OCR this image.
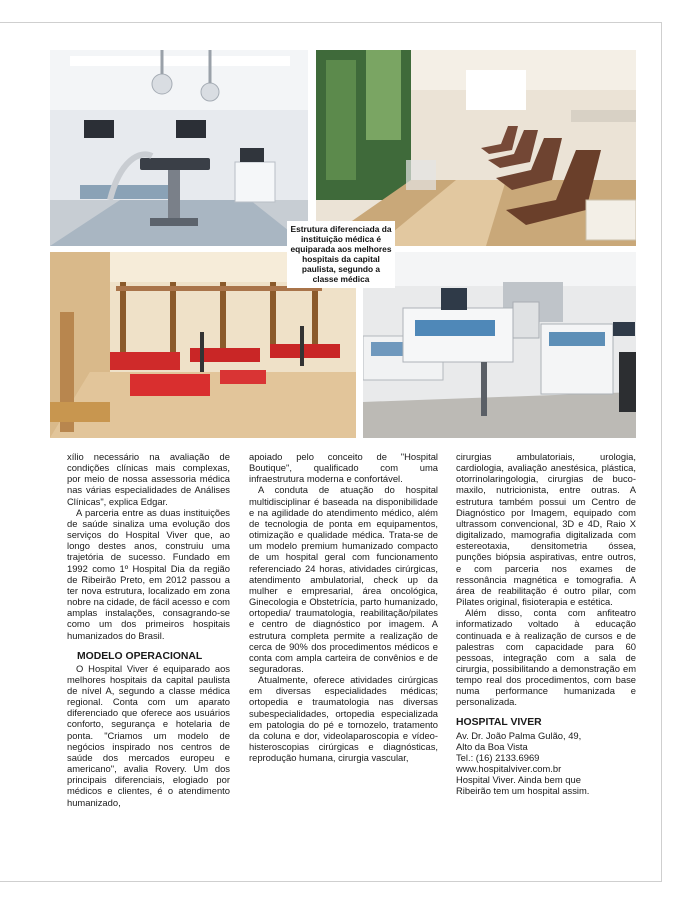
Estrutura diferenciada da instituição médica é equiparada aos melhores hospitais da capital paulista, segundo a classe médica

xílio necessário na avaliação de condições clínicas mais complexas, por meio de nossa assessoria médica nas várias especialidades de Análises Clínicas", explica Edgar.

A parceria entre as duas instituições de saúde sinaliza uma evolução dos serviços do Hospital Viver que, ao longo destes anos, construiu uma trajetória de sucesso. Fundado em 1992 como 1º Hospital Dia da região de Ribeirão Preto, em 2012 passou a ter nova estrutura, localizado em zona nobre na cidade, de fácil acesso e com amplas instalações, consagrando-se como um dos primeiros hospitais humanizados do Brasil.

MODELO OPERACIONAL

O Hospital Viver é equiparado aos melhores hospitais da capital paulista de nível A, segundo a classe médica regional. Conta com um aparato diferenciado que oferece aos usuários conforto, segurança e hotelaria de ponta. "Criamos um modelo de negócios inspirado nos centros de saúde dos mercados europeu e americano", avalia Rovery. Um dos principais diferenciais, elogiado por médicos e clientes, é o atendimento humanizado,

apoiado pelo conceito de "Hospital Boutique", qualificado com uma infraestrutura moderna e confortável.

A conduta de atuação do hospital multidisciplinar é baseada na disponibilidade e na agilidade do atendimento médico, além de tecnologia de ponta em equipamentos, otimização e qualidade médica. Trata-se de um modelo premium humanizado compacto de um hospital geral com funcionamento referenciado 24 horas, atividades cirúrgicas, atendimento ambulatorial, check up da mulher e empresarial, área oncológica, Ginecologia e Obstetrícia, parto humanizado, ortopedia/ traumatologia, reabilitação/pilates e centro de diagnóstico por imagem. A estrutura completa permite a realização de cerca de 90% dos procedimentos médicos e conta com ampla carteira de convênios e de seguradoras.

Atualmente, oferece atividades cirúrgicas em diversas especialidades médicas; ortopedia e traumatologia nas diversas subespecialidades, ortopedia especializada em patologia do pé e tornozelo, tratamento da coluna e dor, videolaparoscopia e vídeo-histeroscopias cirúrgicas e diagnósticas, reprodução humana, cirurgia vascular,

cirurgias ambulatoriais, urologia, cardiologia, avaliação anestésica, plástica, otorrinolaringologia, cirurgias de buco-maxilo, nutricionista, entre outras. A estrutura também possui um Centro de Diagnóstico por Imagem, equipado com ultrassom convencional, 3D e 4D, Raio X digitalizado, mamografia digitalizada com estereotaxia, densitometria óssea, punções biópsia aspirativas, entre outros, e com parceria nos exames de ressonância magnética e tomografia. A área de reabilitação é outro pilar, com Pilates original, fisioterapia e estética.

Além disso, conta com anfiteatro informatizado voltado à educação continuada e à realização de cursos e de palestras com capacidade para 60 pessoas, integração com a sala de cirurgia, possibilitando a demonstração em tempo real dos procedimentos, com base numa performance humanizada e personalizada.

HOSPITAL VIVER
Av. Dr. João Palma Gulão, 49,
Alto da Boa Vista
Tel.: (16) 2133.6969
www.hospitalviver.com.br
Hospital Viver. Ainda bem que
Ribeirão tem um hospital assim.
